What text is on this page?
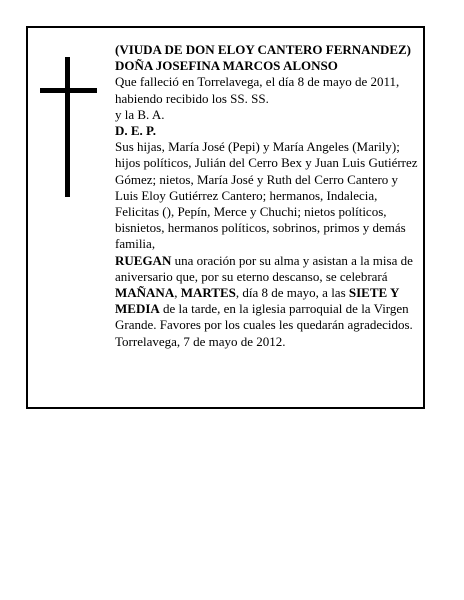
(VIUDA DE DON ELOY CANTERO FERNANDEZ)

DOÑA JOSEFINA MARCOS ALONSO

Que falleció en Torrelavega, el día 8 de mayo de 2011, habiendo recibido los SS. SS.

y la B. A.

D. E. P.

Sus hijas, María José (Pepi) y María Angeles (Marily); hijos políticos, Julián del Cerro Bex y Juan Luis Gutiérrez Gómez; nietos, María José y Ruth del Cerro Cantero y Luis Eloy Gutiérrez Cantero; hermanos, Indalecia, Felicitas (), Pepín, Merce y Chuchi; nietos políticos, bisnietos, hermanos políticos, sobrinos, primos y demás familia,

RUEGAN una oración por su alma y asistan a la misa de aniversario que, por su eterno descanso, se celebrará MAÑANA, MARTES, día 8 de mayo, a las SIETE Y MEDIA de la tarde, en la iglesia parroquial de la Virgen Grande. Favores por los cuales les quedarán agradecidos.

Torrelavega, 7 de mayo de 2012.
